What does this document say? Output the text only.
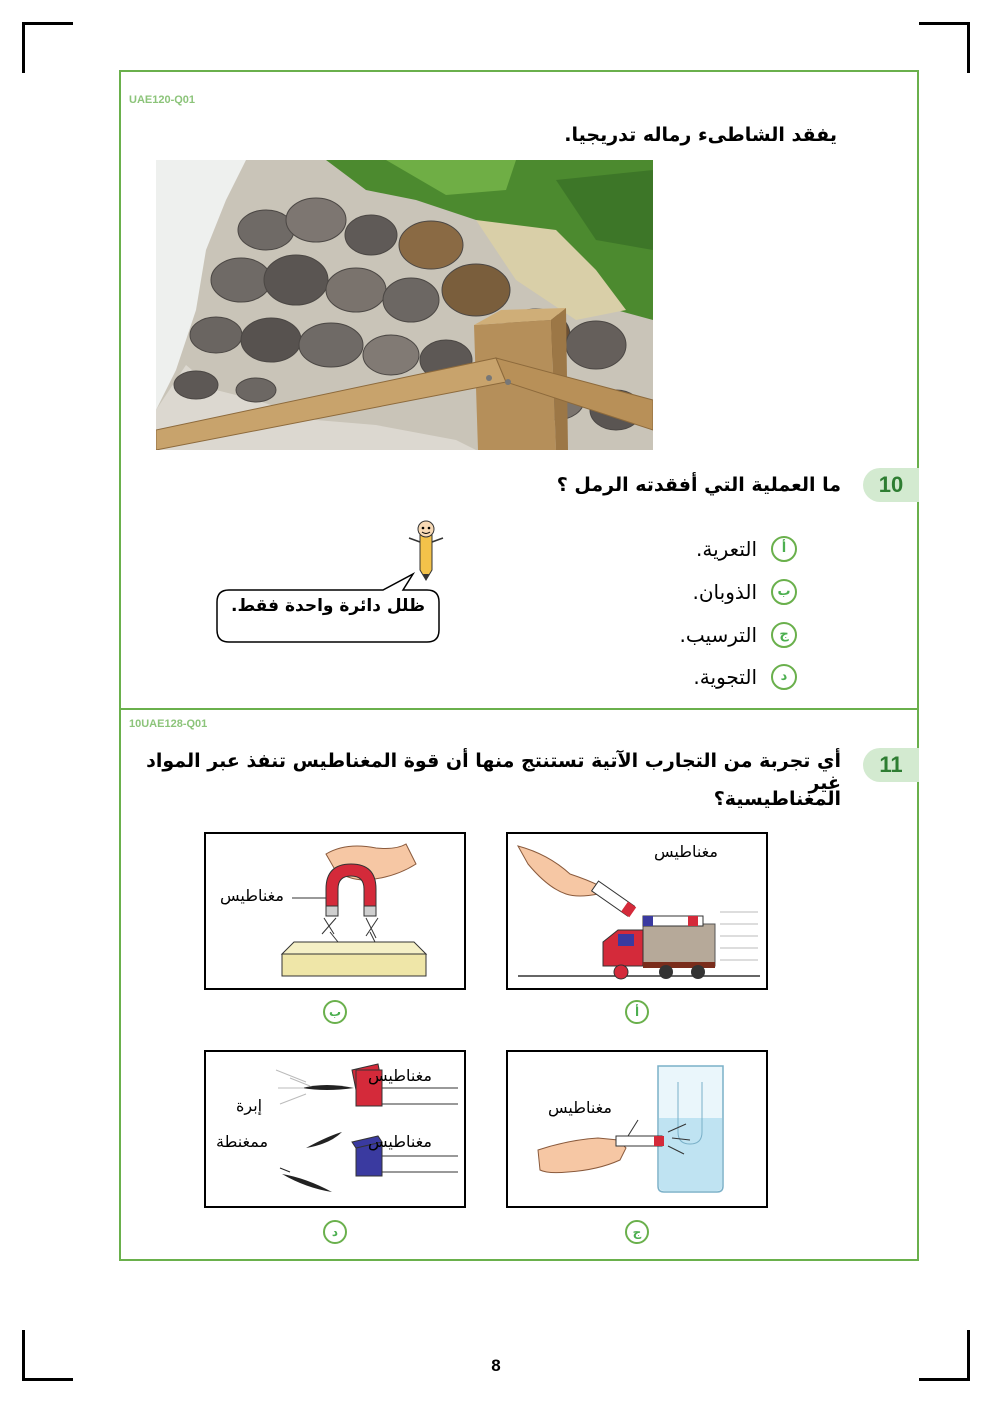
UAE120-Q01
يفقد الشاطىء رماله تدريجيا.
10
ما العملية التي أفقدته الرمل ؟
ظلل دائرة واحدة فقط.
أ
التعرية.
ب
الذوبان.
ج
الترسيب.
د
التجوية.
10UAE128-Q01
11
أي تجربة من التجارب الآتية تستنتج منها أن قوة المغناطيس تنفذ عبر المواد غير
المغناطيسية؟
مغناطيس
مغناطيس
أ
ب
مغناطيس
مغناطيس
مغناطيس
إبرة
ممغنطة
ج
د
8
